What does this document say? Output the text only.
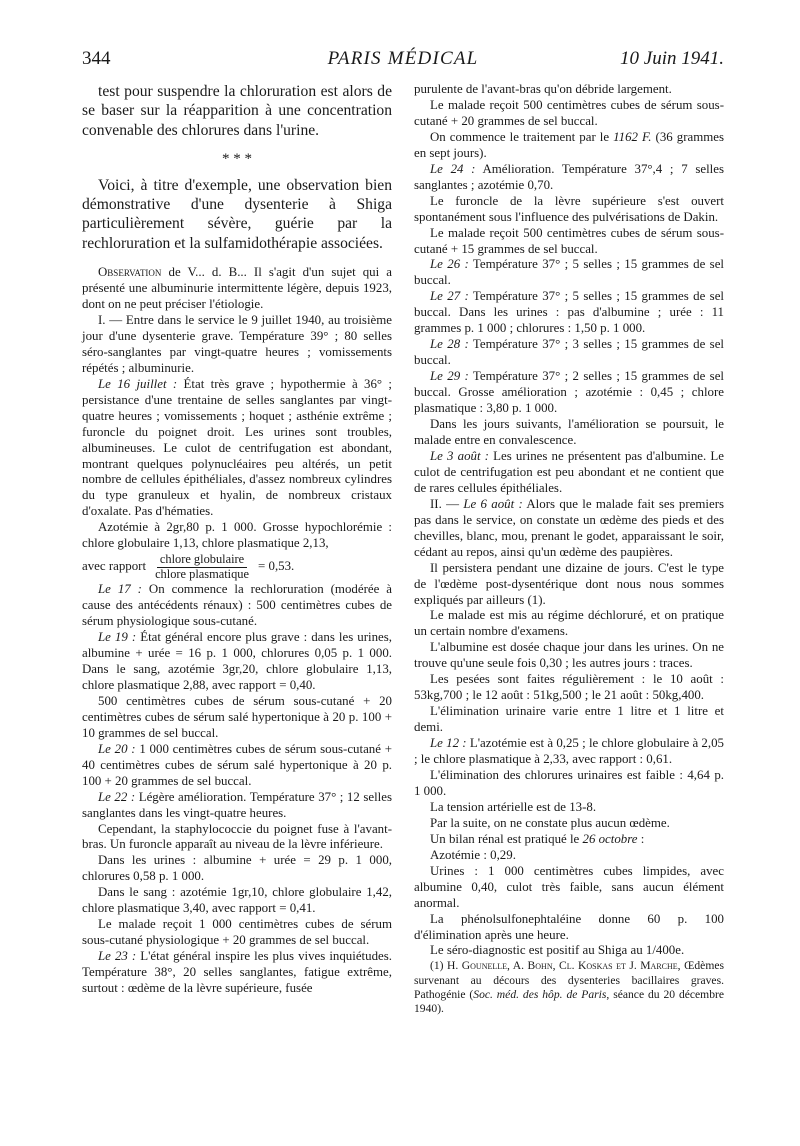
344	PARIS MÉDICAL	10 Juin 1941.

test pour suspendre la chloruration est alors de se baser sur la réapparition à une concentration convenable des chlorures dans l'urine.

* * *

Voici, à titre d'exemple, une observation bien démonstrative d'une dysenterie à Shiga particulièrement sévère, guérie par la rechloruration et la sulfamidothérapie associées.

Observation de V... d. B... Il s'agit d'un sujet qui a présenté une albuminurie intermittente légère, depuis 1923, dont on ne peut préciser l'étiologie.

I. — Entre dans le service le 9 juillet 1940, au troisième jour d'une dysenterie grave. Température 39° ; 80 selles séro-sanglantes par vingt-quatre heures ; vomissements répétés ; albuminurie.

Le 16 juillet : État très grave ; hypothermie à 36° ; persistance d'une trentaine de selles sanglantes par vingt-quatre heures ; vomissements ; hoquet ; asthénie extrême ; furoncle du poignet droit. Les urines sont troubles, albumineuses. Le culot de centrifugation est abondant, montrant quelques polynucléaires peu altérés, un petit nombre de cellules épithéliales, d'assez nombreux cylindres du type granuleux et hyalin, de nombreux cristaux d'oxalate. Pas d'hématies.

Azotémie à 2gr,80 p. 1 000. Grosse hypochlorémie : chlore globulaire 1,13, chlore plasmatique 2,13,

avec rapport $\frac{\text{chlore globulaire}}{\text{chlore plasmatique}} = 0,53$.

Le 17 : On commence la rechloruration (modérée à cause des antécédents rénaux) : 500 centimètres cubes de sérum physiologique sous-cutané.

Le 19 : État général encore plus grave : dans les urines, albumine + urée = 16 p. 1 000, chlorures 0,05 p. 1 000. Dans le sang, azotémie 3gr,20, chlore globulaire 1,13, chlore plasmatique 2,88, avec rapport = 0,40.

500 centimètres cubes de sérum sous-cutané + 20 centimètres cubes de sérum salé hypertonique à 20 p. 100 + 10 grammes de sel buccal.

Le 20 : 1 000 centimètres cubes de sérum sous-cutané + 40 centimètres cubes de sérum salé hypertonique à 20 p. 100 + 20 grammes de sel buccal.

Le 22 : Légère amélioration. Température 37° ; 12 selles sanglantes dans les vingt-quatre heures.

Cependant, la staphylococcie du poignet fuse à l'avant-bras. Un furoncle apparaît au niveau de la lèvre inférieure.

Dans les urines : albumine + urée = 29 p. 1 000, chlorures 0,58 p. 1 000.

Dans le sang : azotémie 1gr,10, chlore globulaire 1,42, chlore plasmatique 3,40, avec rapport = 0,41.

Le malade reçoit 1 000 centimètres cubes de sérum sous-cutané physiologique + 20 grammes de sel buccal.

Le 23 : L'état général inspire les plus vives inquiétudes. Température 38°, 20 selles sanglantes, fatigue extrême, surtout : œdème de la lèvre supérieure, fusée

purulente de l'avant-bras qu'on débride largement.

Le malade reçoit 500 centimètres cubes de sérum sous-cutané + 20 grammes de sel buccal.

On commence le traitement par le 1162 F. (36 grammes en sept jours).

Le 24 : Amélioration. Température 37°,4 ; 7 selles sanglantes ; azotémie 0,70.

Le furoncle de la lèvre supérieure s'est ouvert spontanément sous l'influence des pulvérisations de Dakin.

Le malade reçoit 500 centimètres cubes de sérum sous-cutané + 15 grammes de sel buccal.

Le 26 : Température 37° ; 5 selles ; 15 grammes de sel buccal.

Le 27 : Température 37° ; 5 selles ; 15 grammes de sel buccal. Dans les urines : pas d'albumine ; urée : 11 grammes p. 1 000 ; chlorures : 1,50 p. 1 000.

Le 28 : Température 37° ; 3 selles ; 15 grammes de sel buccal.

Le 29 : Température 37° ; 2 selles ; 15 grammes de sel buccal. Grosse amélioration ; azotémie : 0,45 ; chlore plasmatique : 3,80 p. 1 000.

Dans les jours suivants, l'amélioration se poursuit, le malade entre en convalescence.

Le 3 août : Les urines ne présentent pas d'albumine. Le culot de centrifugation est peu abondant et ne contient que de rares cellules épithéliales.

II. — Le 6 août : Alors que le malade fait ses premiers pas dans le service, on constate un œdème des pieds et des chevilles, blanc, mou, prenant le godet, apparaissant le soir, cédant au repos, ainsi qu'un œdème des paupières.

Il persistera pendant une dizaine de jours. C'est le type de l'œdème post-dysentérique dont nous nous sommes expliqués par ailleurs (1).

Le malade est mis au régime déchloruré, et on pratique un certain nombre d'examens.

L'albumine est dosée chaque jour dans les urines. On ne trouve qu'une seule fois 0,30 ; les autres jours : traces.

Les pesées sont faites régulièrement : le 10 août : 53kg,700 ; le 12 août : 51kg,500 ; le 21 août : 50kg,400.

L'élimination urinaire varie entre 1 litre et 1 litre et demi.

Le 12 : L'azotémie est à 0,25 ; le chlore globulaire à 2,05 ; le chlore plasmatique à 2,33, avec rapport : 0,61.

L'élimination des chlorures urinaires est faible : 4,64 p. 1 000.

La tension artérielle est de 13-8.

Par la suite, on ne constate plus aucun œdème.

Un bilan rénal est pratiqué le 26 octobre :

Azotémie : 0,29.

Urines : 1 000 centimètres cubes limpides, avec albumine 0,40, culot très faible, sans aucun élément anormal.

La phénolsulfonephtaléine donne 60 p. 100 d'élimination après une heure.

Le séro-diagnostic est positif au Shiga au 1/400e.

(1) H. Gounelle, A. Bohn, Cl. Koskas et J. Marche, Œdèmes survenant au décours des dysenteries bacillaires graves. Pathogénie (Soc. méd. des hôp. de Paris, séance du 20 décembre 1940).
